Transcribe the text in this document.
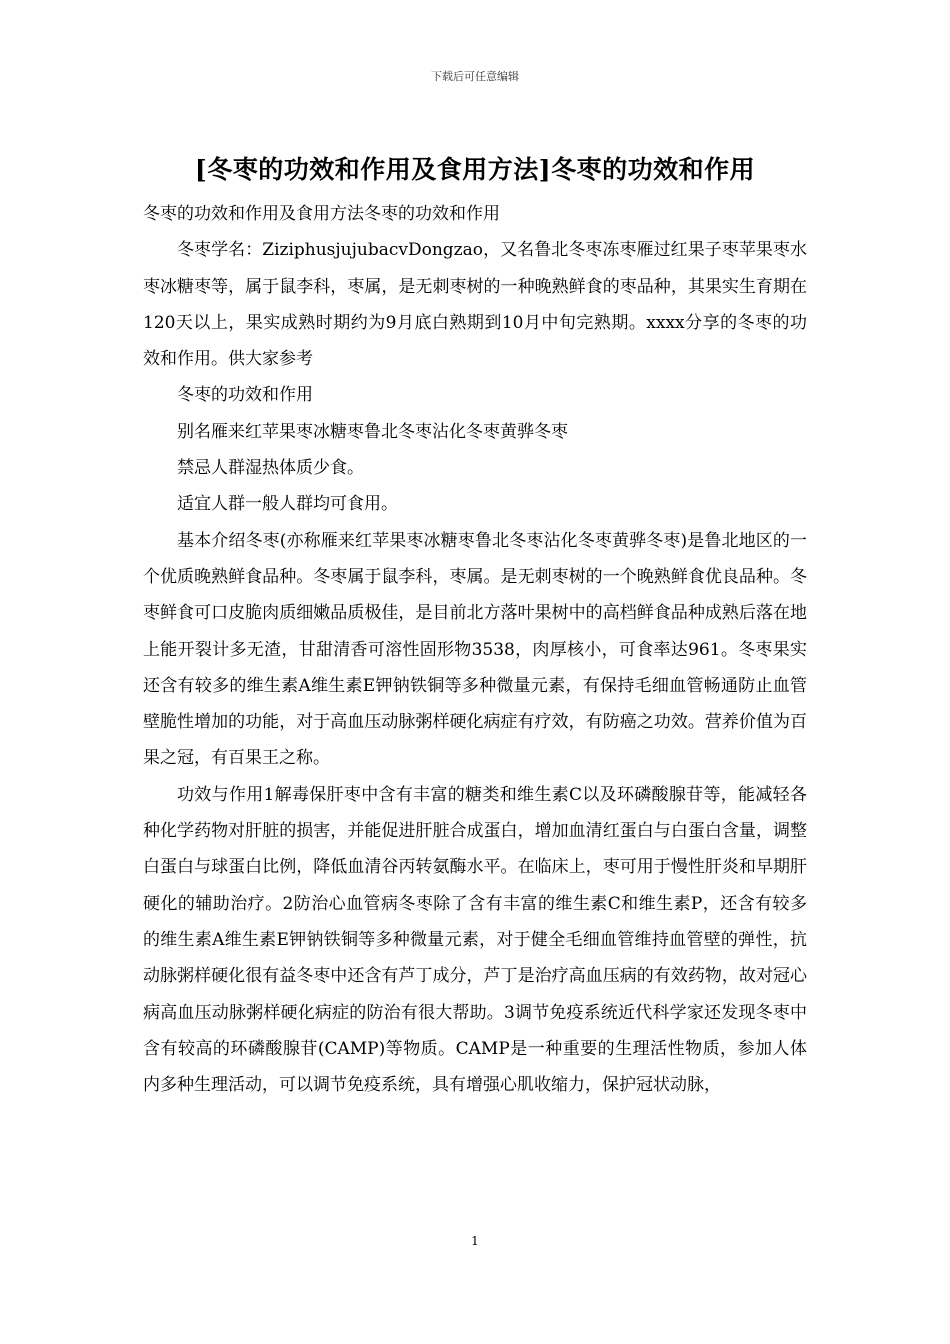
下载后可任意编辑
[冬枣的功效和作用及食用方法]冬枣的功效和作用

冬枣的功效和作用及食用方法冬枣的功效和作用

冬枣学名：ZiziphusjujubacvDongzao，又名鲁北冬枣冻枣雁过红果子枣苹果枣水枣冰糖枣等，属于鼠李科，枣属，是无刺枣树的一种晚熟鲜食的枣品种，其果实生育期在120天以上，果实成熟时期约为9月底白熟期到10月中旬完熟期。xxxx分享的冬枣的功效和作用。供大家参考

冬枣的功效和作用

别名雁来红苹果枣冰糖枣鲁北冬枣沾化冬枣黄骅冬枣

禁忌人群湿热体质少食。

适宜人群一般人群均可食用。

基本介绍冬枣(亦称雁来红苹果枣冰糖枣鲁北冬枣沾化冬枣黄骅冬枣)是鲁北地区的一个优质晚熟鲜食品种。冬枣属于鼠李科，枣属。是无刺枣树的一个晚熟鲜食优良品种。冬枣鲜食可口皮脆肉质细嫩品质极佳，是目前北方落叶果树中的高档鲜食品种成熟后落在地上能开裂计多无渣，甘甜清香可溶性固形物3538，肉厚核小，可食率达961。冬枣果实还含有较多的维生素A维生素E钾钠铁铜等多种微量元素，有保持毛细血管畅通防止血管壁脆性增加的功能，对于高血压动脉粥样硬化病症有疗效，有防癌之功效。营养价值为百果之冠，有百果王之称。

功效与作用1解毒保肝枣中含有丰富的糖类和维生素C以及环磷酸腺苷等，能减轻各种化学药物对肝脏的损害，并能促进肝脏合成蛋白，增加血清红蛋白与白蛋白含量，调整白蛋白与球蛋白比例，降低血清谷丙转氨酶水平。在临床上，枣可用于慢性肝炎和早期肝硬化的辅助治疗。2防治心血管病冬枣除了含有丰富的维生素C和维生素P，还含有较多的维生素A维生素E钾钠铁铜等多种微量元素，对于健全毛细血管维持血管壁的弹性，抗动脉粥样硬化很有益冬枣中还含有芦丁成分，芦丁是治疗高血压病的有效药物，故对冠心病高血压动脉粥样硬化病症的防治有很大帮助。3调节免疫系统近代科学家还发现冬枣中含有较高的环磷酸腺苷(CAMP)等物质。CAMP是一种重要的生理活性物质，参加人体内多种生理活动，可以调节免疫系统，具有增强心肌收缩力，保护冠状动脉，

1
